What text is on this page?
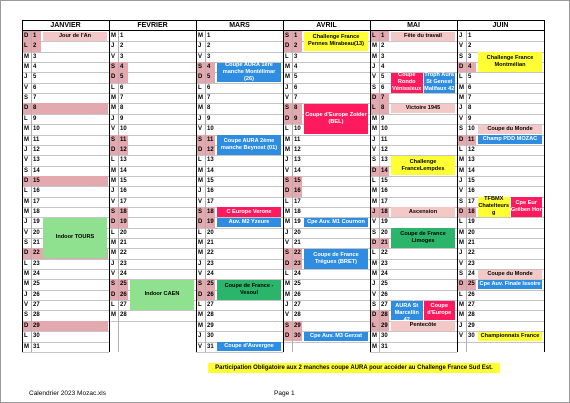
JANVIER
D 1
L 2
M 3
M 4
J 5
V 6
S 7
D 8
L 9
M 10
M 11
J 12
V 13
S 14
D 15
L 16
M 17
M 18
J 19
V 20
S 21
D 22
L 23
M 24
M 25
J 26
V 27
S 28
D 29
L 30
M 31
Jour de l'An
Indoor TOURS
FEVRIER
M 1
J 2
V 3
S 4
D 5
L 6
M 7
M 8
J 9
V 10
S 11
D 12
L 13
M 14
M 15
J 16
V 17
S 18
D 19
L 20
M 21
M 22
J 23
V 24
S 25
D 26
L 27
M 28
Indoor CAEN
MARS
M 1
J 2
V 3
S 4
D 5
L 6
M 7
M 8
J 9
V 10
S 11
D 12
L 13
M 14
M 15
J 16
V 17
S 18
D 19
L 20
M 21
M 22
J 23
V 24
S 25
D 26
L 27
M 28
M 29
J 30
V 31
Coupe AURA 1ère manche Montélimar (26)
Coupe AURA 2ème manche Beynost (01)
C Europe Verone
Auv. M2 Yzeure
Coupe de France - Vesoul
Coupe d'Auvergne
AVRIL
S 1
D 2
L 3
M 4
M 5
J 6
V 7
S 8
D 9
L 10
M 11
M 12
J 13
V 14
S 15
D 16
L 17
M 18
M 19
J 20
V 21
S 22
D 23
L 24
M 25
M 26
J 27
V 28
S 29
D 30
Challenge France Pennes Mirabeau(13)
Coupe d'Europe Zolder (BEL)
Cpe Auv. M1 Cournon
Coupe de France Tréguex (BRET)
Cpe Auv. M3 Gerzat
MAI
L 1
M 2
M 3
J 4
V 5
S 6
D 7
L 8
M 9
M 10
J 11
V 12
S 13
D 14
L 15
M 16
M 17
J 18
V 19
S 20
D 21
L 22
M 23
M 24
J 25
V 26
S 27
D 28
L 29
M 30
M 31
Fête du travail
Coupe Rondo Vénissieux
Troph Aura St Genest Malifaux 42
Victoire 1945
Challenge FranceLempdes
Ascension
Coupe de France Limoges
Champ AURA St Marcellin
Coupe d'Europe
Pentecôte
JUIN
J 1
V 2
S 3
D 4
L 5
M 6
M 7
J 8
V 9
S 10
D 11
L 12
M 13
M 14
J 15
V 16
S 17
D 18
L 19
M 20
M 21
J 22
V 23
S 24
D 25
L 26
M 27
M 28
J 29
V 30
Challenge France Montmélian
Coupe du Monde
Champ PDD MOZAC
TFBMX Chatelteurs g
Cpe Eur Grêben Hor
Coupe du Monde
Cpe Auv. Finale Issoire
Championnats France
Participation Obligatoire aux 2 manches coupe AURA pour accéder au Challenge France Sud Est.
Calendrier 2023 Mozac.xls	Page 1
